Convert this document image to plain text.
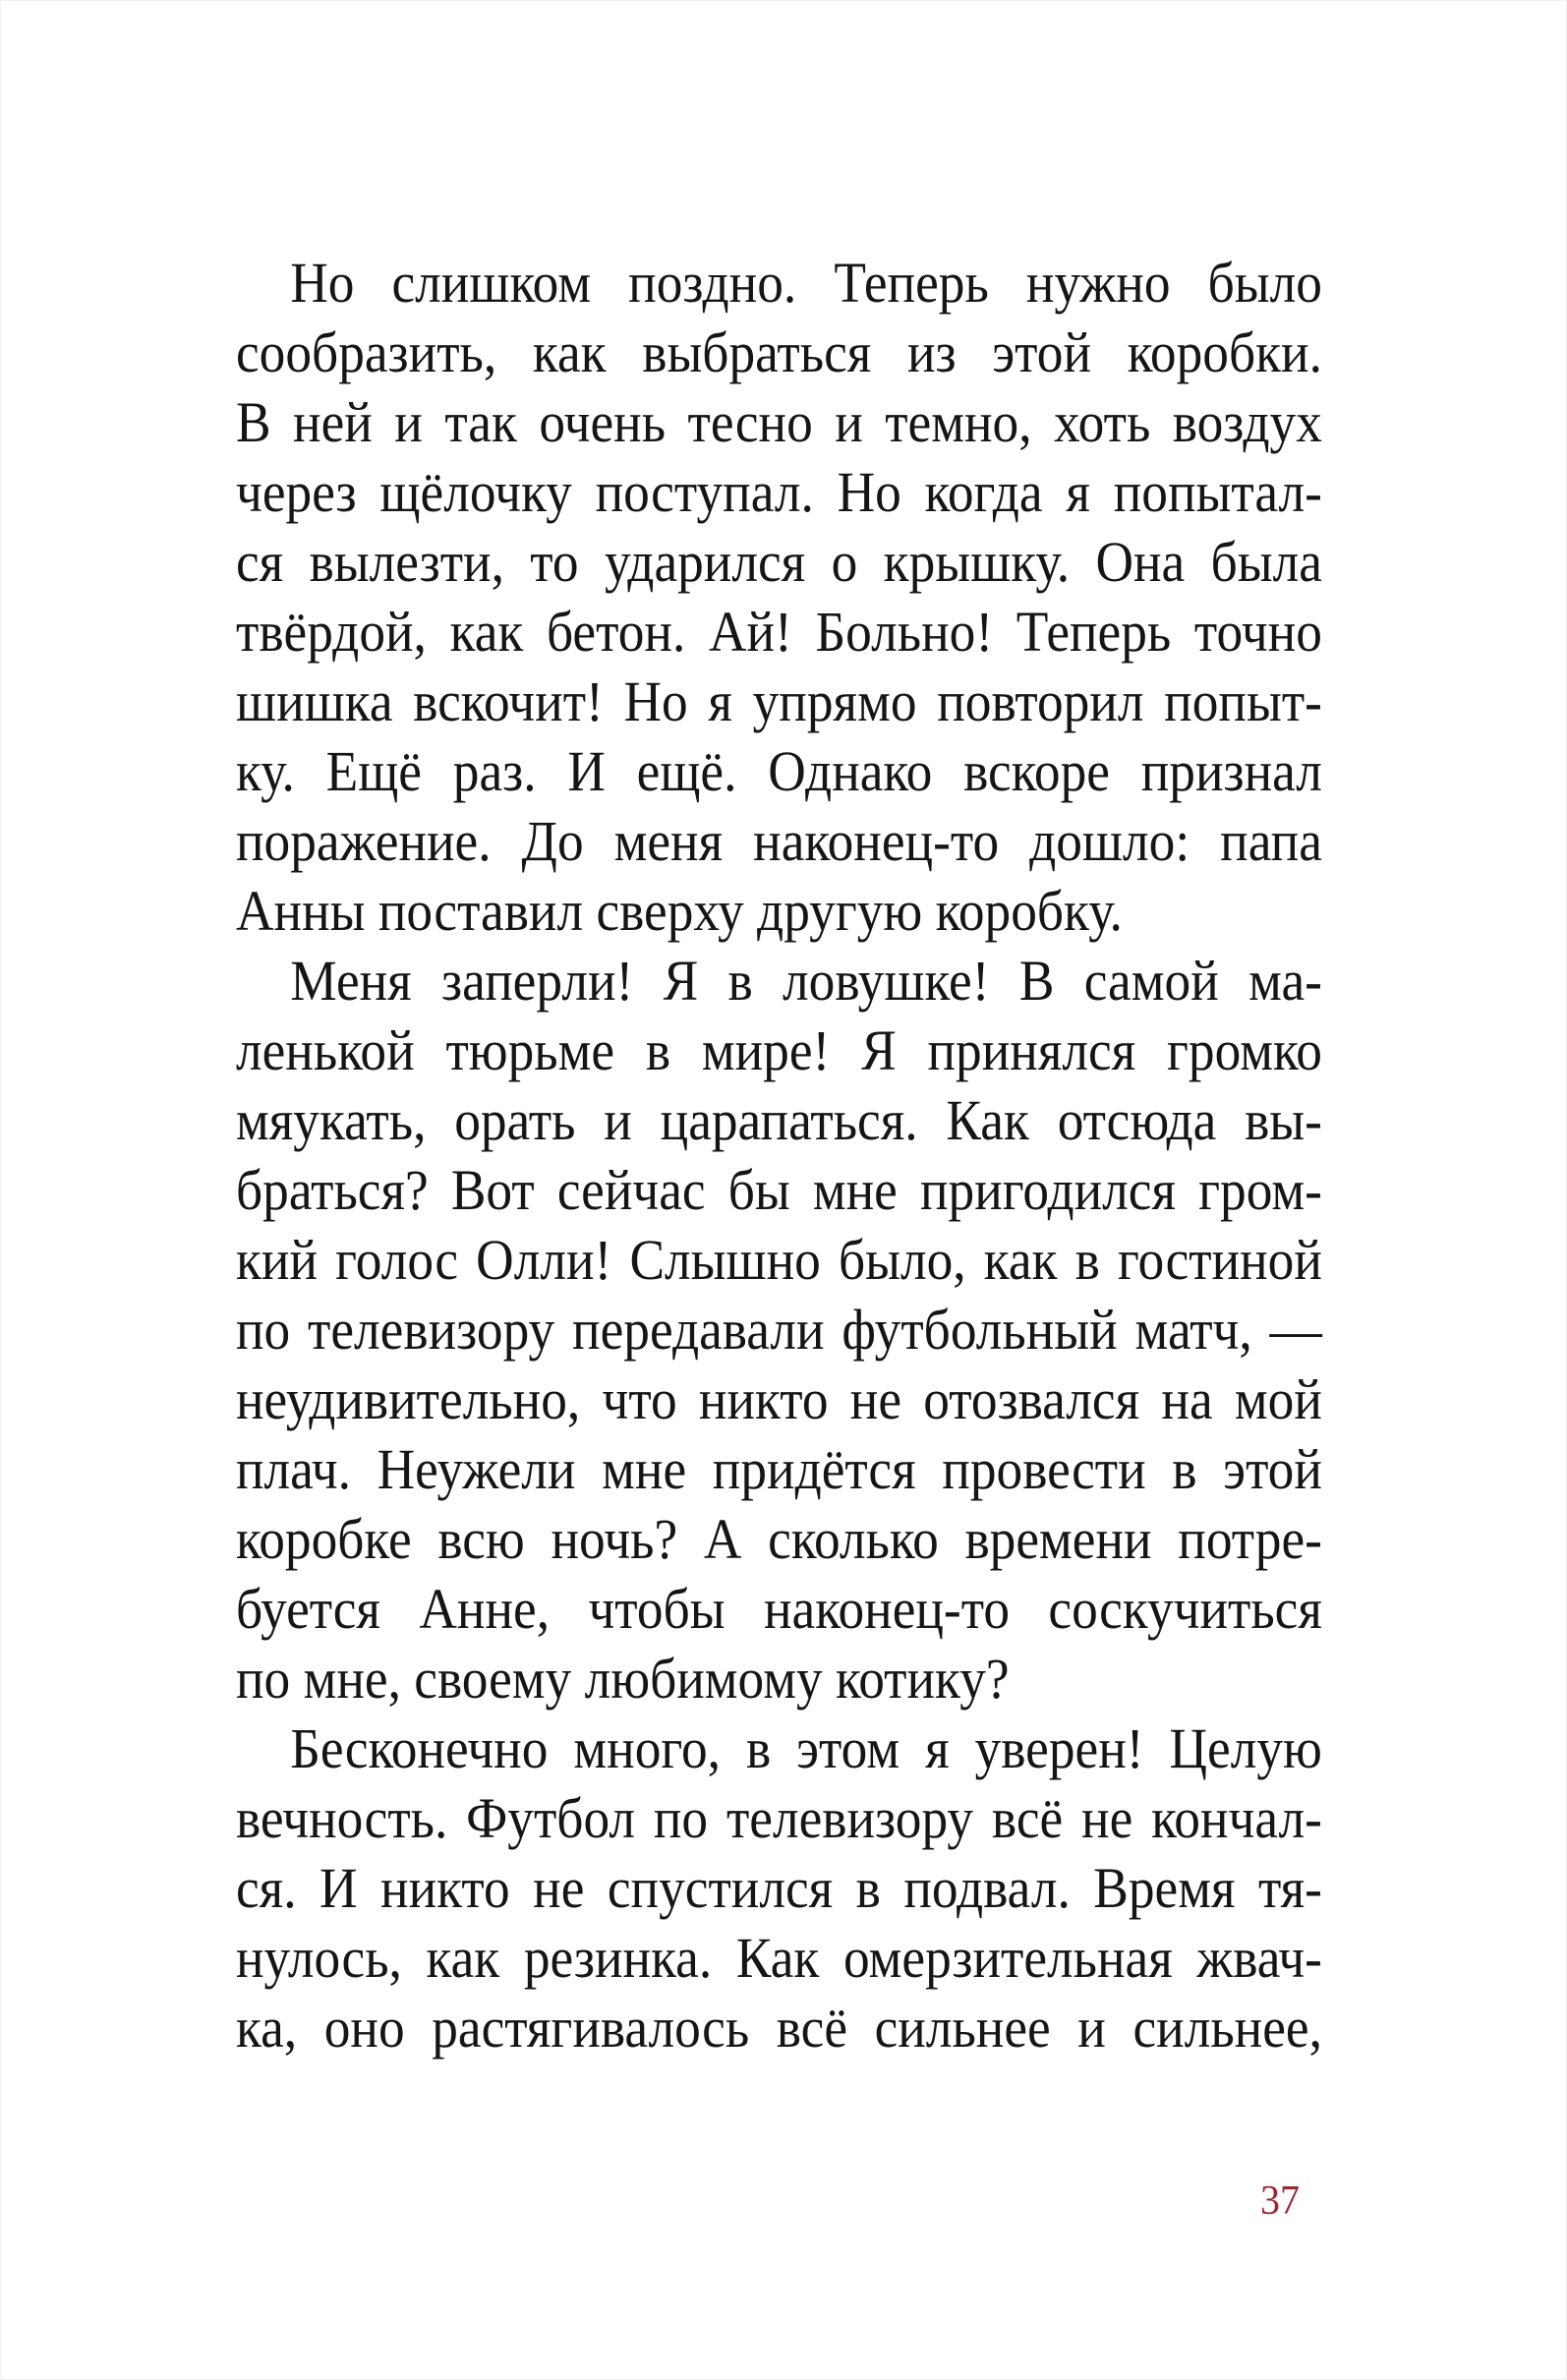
Но слишком поздно. Теперь нужно было
сообразить, как выбраться из этой коробки.
В ней и так очень тесно и темно, хоть воздух
через щёлочку поступал. Но когда я попытал-
ся вылезти, то ударился о крышку. Она была
твёрдой, как бетон. Ай! Больно! Теперь точно
шишка вскочит! Но я упрямо повторил попыт-
ку. Ещё раз. И ещё. Однако вскоре признал
поражение. До меня наконец-то дошло: папа
Анны поставил сверху другую коробку.
Меня заперли! Я в ловушке! В самой ма-
ленькой тюрьме в мире! Я принялся громко
мяукать, орать и царапаться. Как отсюда вы-
браться? Вот сейчас бы мне пригодился гром-
кий голос Олли! Слышно было, как в гостиной
по телевизору передавали футбольный матч, —
неудивительно, что никто не отозвался на мой
плач. Неужели мне придётся провести в этой
коробке всю ночь? А сколько времени потре-
буется Анне, чтобы наконец-то соскучиться
по мне, своему любимому котику?
Бесконечно много, в этом я уверен! Целую
вечность. Футбол по телевизору всё не кончал-
ся. И никто не спустился в подвал. Время тя-
нулось, как резинка. Как омерзительная жвач-
ка, оно растягивалось всё сильнее и сильнее,
37
